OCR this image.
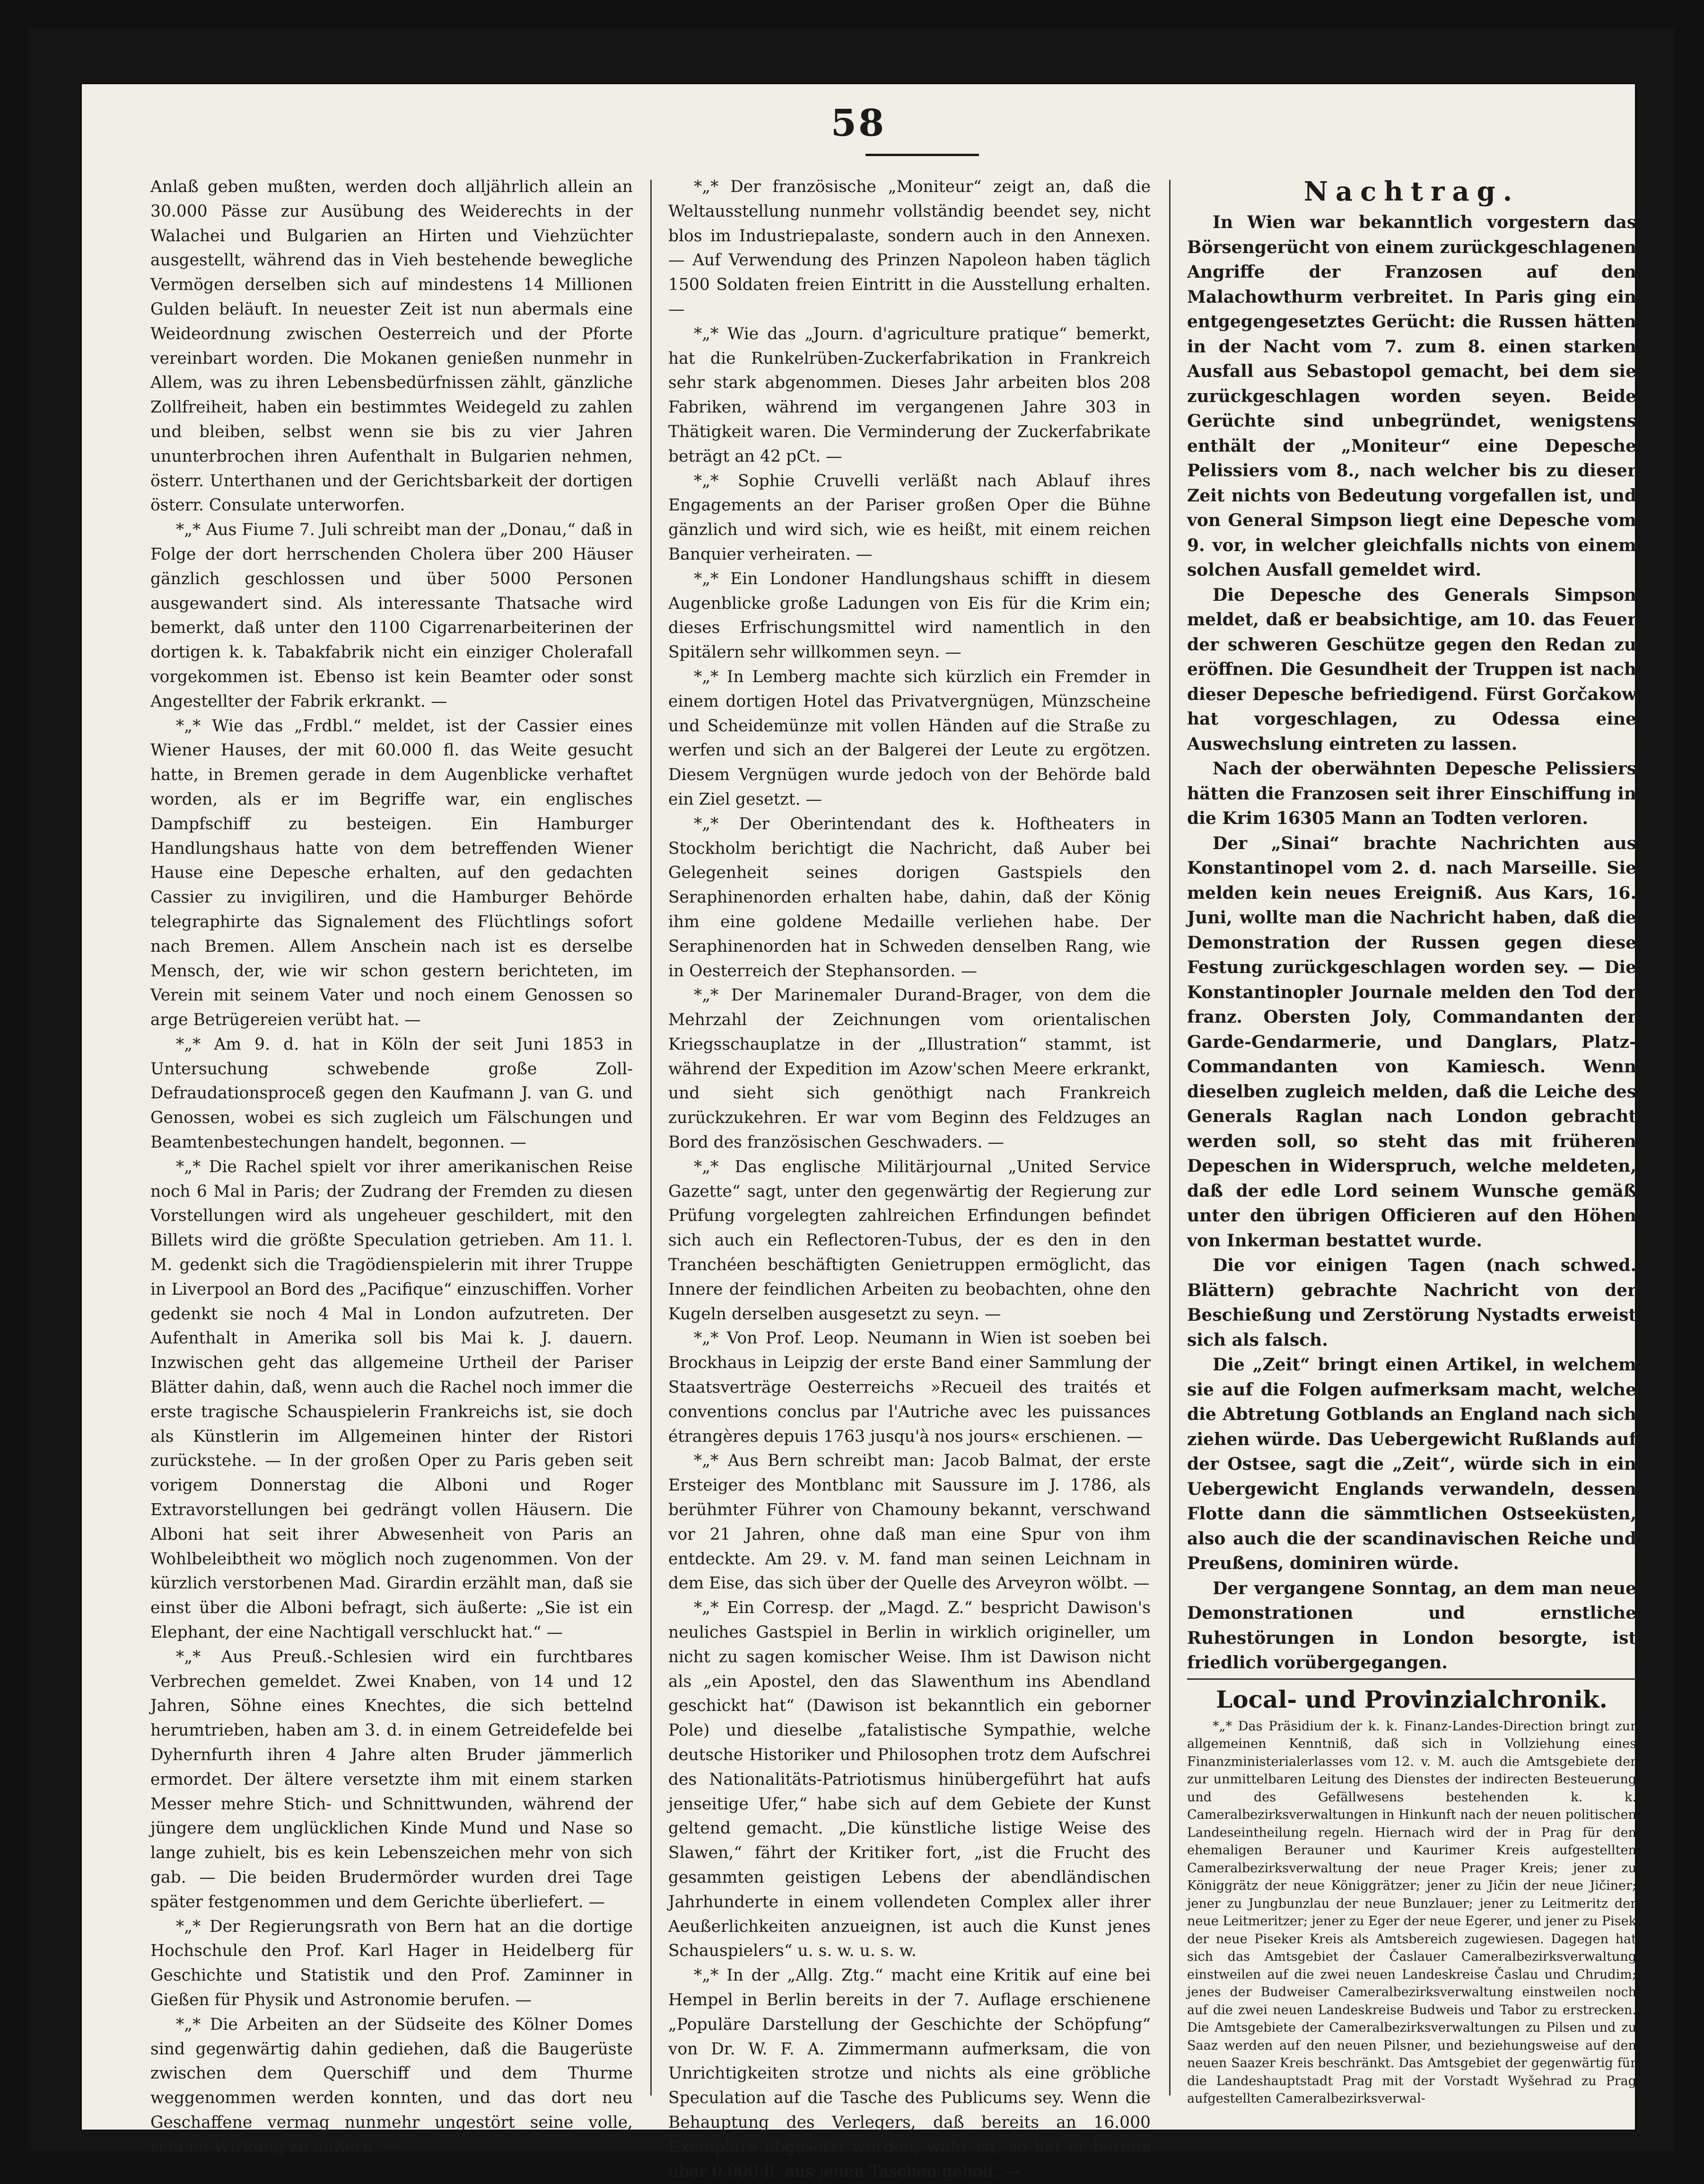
58

Anlaß geben mußten, werden doch alljährlich allein an 30.000 Pässe zur Ausübung des Weiderechts in der Walachei und Bulgarien an Hirten und Viehzüchter ausgestellt, während das in Vieh bestehende bewegliche Vermögen derselben sich auf mindestens 14 Millionen Gulden beläuft. In neuester Zeit ist nun abermals eine Weideordnung zwischen Oesterreich und der Pforte vereinbart worden. Die Mokanen genießen nunmehr in Allem, was zu ihren Lebensbedürfnissen zählt, gänzliche Zollfreiheit, haben ein bestimmtes Weidegeld zu zahlen und bleiben, selbst wenn sie bis zu vier Jahren ununterbrochen ihren Aufenthalt in Bulgarien nehmen, österr. Unterthanen und der Gerichtsbarkeit der dortigen österr. Consulate unterworfen.

*„* Aus Fiume 7. Juli schreibt man der „Donau,“ daß in Folge der dort herrschenden Cholera über 200 Häuser gänzlich geschlossen und über 5000 Personen ausgewandert sind. Als interessante Thatsache wird bemerkt, daß unter den 1100 Cigarrenarbeiterinen der dortigen k. k. Tabakfabrik nicht ein einziger Cholerafall vorgekommen ist. Ebenso ist kein Beamter oder sonst Angestellter der Fabrik erkrankt. —

*„* Wie das „Frdbl.“ meldet, ist der Cassier eines Wiener Hauses, der mit 60.000 fl. das Weite gesucht hatte, in Bremen gerade in dem Augenblicke verhaftet worden, als er im Begriffe war, ein englisches Dampfschiff zu besteigen. Ein Hamburger Handlungshaus hatte von dem betreffenden Wiener Hause eine Depesche erhalten, auf den gedachten Cassier zu invigiliren, und die Hamburger Behörde telegraphirte das Signalement des Flüchtlings sofort nach Bremen. Allem Anschein nach ist es derselbe Mensch, der, wie wir schon gestern berichteten, im Verein mit seinem Vater und noch einem Genossen so arge Betrügereien verübt hat. —

*„* Am 9. d. hat in Köln der seit Juni 1853 in Untersuchung schwebende große Zoll-Defraudationsproceß gegen den Kaufmann J. van G. und Genossen, wobei es sich zugleich um Fälschungen und Beamtenbestechungen handelt, begonnen. —

*„* Die Rachel spielt vor ihrer amerikanischen Reise noch 6 Mal in Paris; der Zudrang der Fremden zu diesen Vorstellungen wird als ungeheuer geschildert, mit den Billets wird die größte Speculation getrieben. Am 11. l. M. gedenkt sich die Tragödienspielerin mit ihrer Truppe in Liverpool an Bord des „Pacifique“ einzuschiffen. Vorher gedenkt sie noch 4 Mal in London aufzutreten. Der Aufenthalt in Amerika soll bis Mai k. J. dauern. Inzwischen geht das allgemeine Urtheil der Pariser Blätter dahin, daß, wenn auch die Rachel noch immer die erste tragische Schauspielerin Frankreichs ist, sie doch als Künstlerin im Allgemeinen hinter der Ristori zurückstehe. — In der großen Oper zu Paris geben seit vorigem Donnerstag die Alboni und Roger Extravorstellungen bei gedrängt vollen Häusern. Die Alboni hat seit ihrer Abwesenheit von Paris an Wohlbeleibtheit wo möglich noch zugenommen. Von der kürzlich verstorbenen Mad. Girardin erzählt man, daß sie einst über die Alboni befragt, sich äußerte: „Sie ist ein Elephant, der eine Nachtigall verschluckt hat.“ —

*„* Aus Preuß.-Schlesien wird ein furchtbares Verbrechen gemeldet. Zwei Knaben, von 14 und 12 Jahren, Söhne eines Knechtes, die sich bettelnd herumtrieben, haben am 3. d. in einem Getreidefelde bei Dyhernfurth ihren 4 Jahre alten Bruder jämmerlich ermordet. Der ältere versetzte ihm mit einem starken Messer mehre Stich- und Schnittwunden, während der jüngere dem unglücklichen Kinde Mund und Nase so lange zuhielt, bis es kein Lebenszeichen mehr von sich gab. — Die beiden Brudermörder wurden drei Tage später festgenommen und dem Gerichte überliefert. —

*„* Der Regierungsrath von Bern hat an die dortige Hochschule den Prof. Karl Hager in Heidelberg für Geschichte und Statistik und den Prof. Zaminner in Gießen für Physik und Astronomie berufen. —

*„* Die Arbeiten an der Südseite des Kölner Domes sind gegenwärtig dahin gediehen, daß die Baugerüste zwischen dem Querschiff und dem Thurme weggenommen werden konnten, und das dort neu Geschaffene vermag nunmehr ungestört seine volle, schöne Wirkung zu äußern. —

*„* Der französische „Moniteur“ zeigt an, daß die Weltausstellung nunmehr vollständig beendet sey, nicht blos im Industriepalaste, sondern auch in den Annexen. — Auf Verwendung des Prinzen Napoleon haben täglich 1500 Soldaten freien Eintritt in die Ausstellung erhalten. —

*„* Wie das „Journ. d'agriculture pratique“ bemerkt, hat die Runkelrüben-Zuckerfabrikation in Frankreich sehr stark abgenommen. Dieses Jahr arbeiten blos 208 Fabriken, während im vergangenen Jahre 303 in Thätigkeit waren. Die Verminderung der Zuckerfabrikate beträgt an 42 pCt. —

*„* Sophie Cruvelli verläßt nach Ablauf ihres Engagements an der Pariser großen Oper die Bühne gänzlich und wird sich, wie es heißt, mit einem reichen Banquier verheiraten. —

*„* Ein Londoner Handlungshaus schifft in diesem Augenblicke große Ladungen von Eis für die Krim ein; dieses Erfrischungsmittel wird namentlich in den Spitälern sehr willkommen seyn. —

*„* In Lemberg machte sich kürzlich ein Fremder in einem dortigen Hotel das Privatvergnügen, Münzscheine und Scheidemünze mit vollen Händen auf die Straße zu werfen und sich an der Balgerei der Leute zu ergötzen. Diesem Vergnügen wurde jedoch von der Behörde bald ein Ziel gesetzt. —

*„* Der Oberintendant des k. Hoftheaters in Stockholm berichtigt die Nachricht, daß Auber bei Gelegenheit seines dorigen Gastspiels den Seraphinenorden erhalten habe, dahin, daß der König ihm eine goldene Medaille verliehen habe. Der Seraphinenorden hat in Schweden denselben Rang, wie in Oesterreich der Stephansorden. —

*„* Der Marinemaler Durand-Brager, von dem die Mehrzahl der Zeichnungen vom orientalischen Kriegsschauplatze in der „Illustration“ stammt, ist während der Expedition im Azow'schen Meere erkrankt, und sieht sich genöthigt nach Frankreich zurückzukehren. Er war vom Beginn des Feldzuges an Bord des französischen Geschwaders. —

*„* Das englische Militärjournal „United Service Gazette“ sagt, unter den gegenwärtig der Regierung zur Prüfung vorgelegten zahlreichen Erfindungen befindet sich auch ein Reflectoren-Tubus, der es den in den Tranchéen beschäftigten Genietruppen ermöglicht, das Innere der feindlichen Arbeiten zu beobachten, ohne den Kugeln derselben ausgesetzt zu seyn. —

*„* Von Prof. Leop. Neumann in Wien ist soeben bei Brockhaus in Leipzig der erste Band einer Sammlung der Staatsverträge Oesterreichs »Recueil des traités et conventions conclus par l'Autriche avec les puissances étrangères depuis 1763 jusqu'à nos jours« erschienen. —

*„* Aus Bern schreibt man: Jacob Balmat, der erste Ersteiger des Montblanc mit Saussure im J. 1786, als berühmter Führer von Chamouny bekannt, verschwand vor 21 Jahren, ohne daß man eine Spur von ihm entdeckte. Am 29. v. M. fand man seinen Leichnam in dem Eise, das sich über der Quelle des Arveyron wölbt. —

*„* Ein Corresp. der „Magd. Z.“ bespricht Dawison's neuliches Gastspiel in Berlin in wirklich origineller, um nicht zu sagen komischer Weise. Ihm ist Dawison nicht als „ein Apostel, den das Slawenthum ins Abendland geschickt hat“ (Dawison ist bekanntlich ein geborner Pole) und dieselbe „fatalistische Sympathie, welche deutsche Historiker und Philosophen trotz dem Aufschrei des Nationalitäts-Patriotismus hinübergeführt hat aufs jenseitige Ufer,“ habe sich auf dem Gebiete der Kunst geltend gemacht. „Die künstliche listige Weise des Slawen,“ fährt der Kritiker fort, „ist die Frucht des gesammten geistigen Lebens der abendländischen Jahrhunderte in einem vollendeten Complex aller ihrer Aeußerlichkeiten anzueignen, ist auch die Kunst jenes Schauspielers“ u. s. w. u. s. w.

*„* In der „Allg. Ztg.“ macht eine Kritik auf eine bei Hempel in Berlin bereits in der 7. Auflage erschienene „Populäre Darstellung der Geschichte der Schöpfung“ von Dr. W. F. A. Zimmermann aufmerksam, die von Unrichtigkeiten strotze und nichts als eine gröbliche Speculation auf die Tasche des Publicums sey. Wenn die Behauptung des Verlegers, daß bereits an 16.000 Exemplare abgesetzt worden, wahr ist, so hat er bereits über 0.000 fl. aus jenen Taschen geholt. —

Nachtrag.

In Wien war bekanntlich vorgestern das Börsengerücht von einem zurückgeschlagenen Angriffe der Franzosen auf den Malachowthurm verbreitet. In Paris ging ein entgegengesetztes Gerücht: die Russen hätten in der Nacht vom 7. zum 8. einen starken Ausfall aus Sebastopol gemacht, bei dem sie zurückgeschlagen worden seyen. Beide Gerüchte sind unbegründet, wenigstens enthält der „Moniteur“ eine Depesche Pelissiers vom 8., nach welcher bis zu dieser Zeit nichts von Bedeutung vorgefallen ist, und von General Simpson liegt eine Depesche vom 9. vor, in welcher gleichfalls nichts von einem solchen Ausfall gemeldet wird.

Die Depesche des Generals Simpson meldet, daß er beabsichtige, am 10. das Feuer der schweren Geschütze gegen den Redan zu eröffnen. Die Gesundheit der Truppen ist nach dieser Depesche befriedigend. Fürst Gorčakow hat vorgeschlagen, zu Odessa eine Auswechslung eintreten zu lassen.

Nach der oberwähnten Depesche Pelissiers hätten die Franzosen seit ihrer Einschiffung in die Krim 16305 Mann an Todten verloren.

Der „Sinai“ brachte Nachrichten aus Konstantinopel vom 2. d. nach Marseille. Sie melden kein neues Ereigniß. Aus Kars, 16. Juni, wollte man die Nachricht haben, daß die Demonstration der Russen gegen diese Festung zurückgeschlagen worden sey. — Die Konstantinopler Journale melden den Tod der franz. Obersten Joly, Commandanten der Garde-Gendarmerie, und Danglars, Platz-Commandanten von Kamiesch. Wenn dieselben zugleich melden, daß die Leiche des Generals Raglan nach London gebracht werden soll, so steht das mit früheren Depeschen in Widerspruch, welche meldeten, daß der edle Lord seinem Wunsche gemäß unter den übrigen Officieren auf den Höhen von Inkerman bestattet wurde.

Die vor einigen Tagen (nach schwed. Blättern) gebrachte Nachricht von der Beschießung und Zerstörung Nystadts erweist sich als falsch.

Die „Zeit“ bringt einen Artikel, in welchem sie auf die Folgen aufmerksam macht, welche die Abtretung Gotblands an England nach sich ziehen würde. Das Uebergewicht Rußlands auf der Ostsee, sagt die „Zeit“, würde sich in ein Uebergewicht Englands verwandeln, dessen Flotte dann die sämmtlichen Ostseeküsten, also auch die der scandinavischen Reiche und Preußens, dominiren würde.

Der vergangene Sonntag, an dem man neue Demonstrationen und ernstliche Ruhestörungen in London besorgte, ist friedlich vorübergegangen.

Local- und Provinzialchronik.

*„* Das Präsidium der k. k. Finanz-Landes-Direction bringt zur allgemeinen Kenntniß, daß sich in Vollziehung eines Finanzministerialerlasses vom 12. v. M. auch die Amtsgebiete der zur unmittelbaren Leitung des Dienstes der indirecten Besteuerung und des Gefällwesens bestehenden k. k. Cameralbezirksverwaltungen in Hinkunft nach der neuen politischen Landeseintheilung regeln. Hiernach wird der in Prag für den ehemaligen Berauner und Kaurimer Kreis aufgestellten Cameralbezirksverwaltung der neue Prager Kreis; jener zu Königgrätz der neue Königgrätzer; jener zu Jičin der neue Jičiner; jener zu Jungbunzlau der neue Bunzlauer; jener zu Leitmeritz der neue Leitmeritzer; jener zu Eger der neue Egerer, und jener zu Pisek der neue Piseker Kreis als Amtsbereich zugewiesen. Dagegen hat sich das Amtsgebiet der Časlauer Cameralbezirksverwaltung einstweilen auf die zwei neuen Landeskreise Časlau und Chrudim; jenes der Budweiser Cameralbezirksverwaltung einstweilen noch auf die zwei neuen Landeskreise Budweis und Tabor zu erstrecken. Die Amtsgebiete der Cameralbezirksverwaltungen zu Pilsen und zu Saaz werden auf den neuen Pilsner, und beziehungsweise auf den neuen Saazer Kreis beschränkt. Das Amtsgebiet der gegenwärtig für die Landeshauptstadt Prag mit der Vorstadt Wyšehrad zu Prag aufgestellten Cameralbezirksverwal-
